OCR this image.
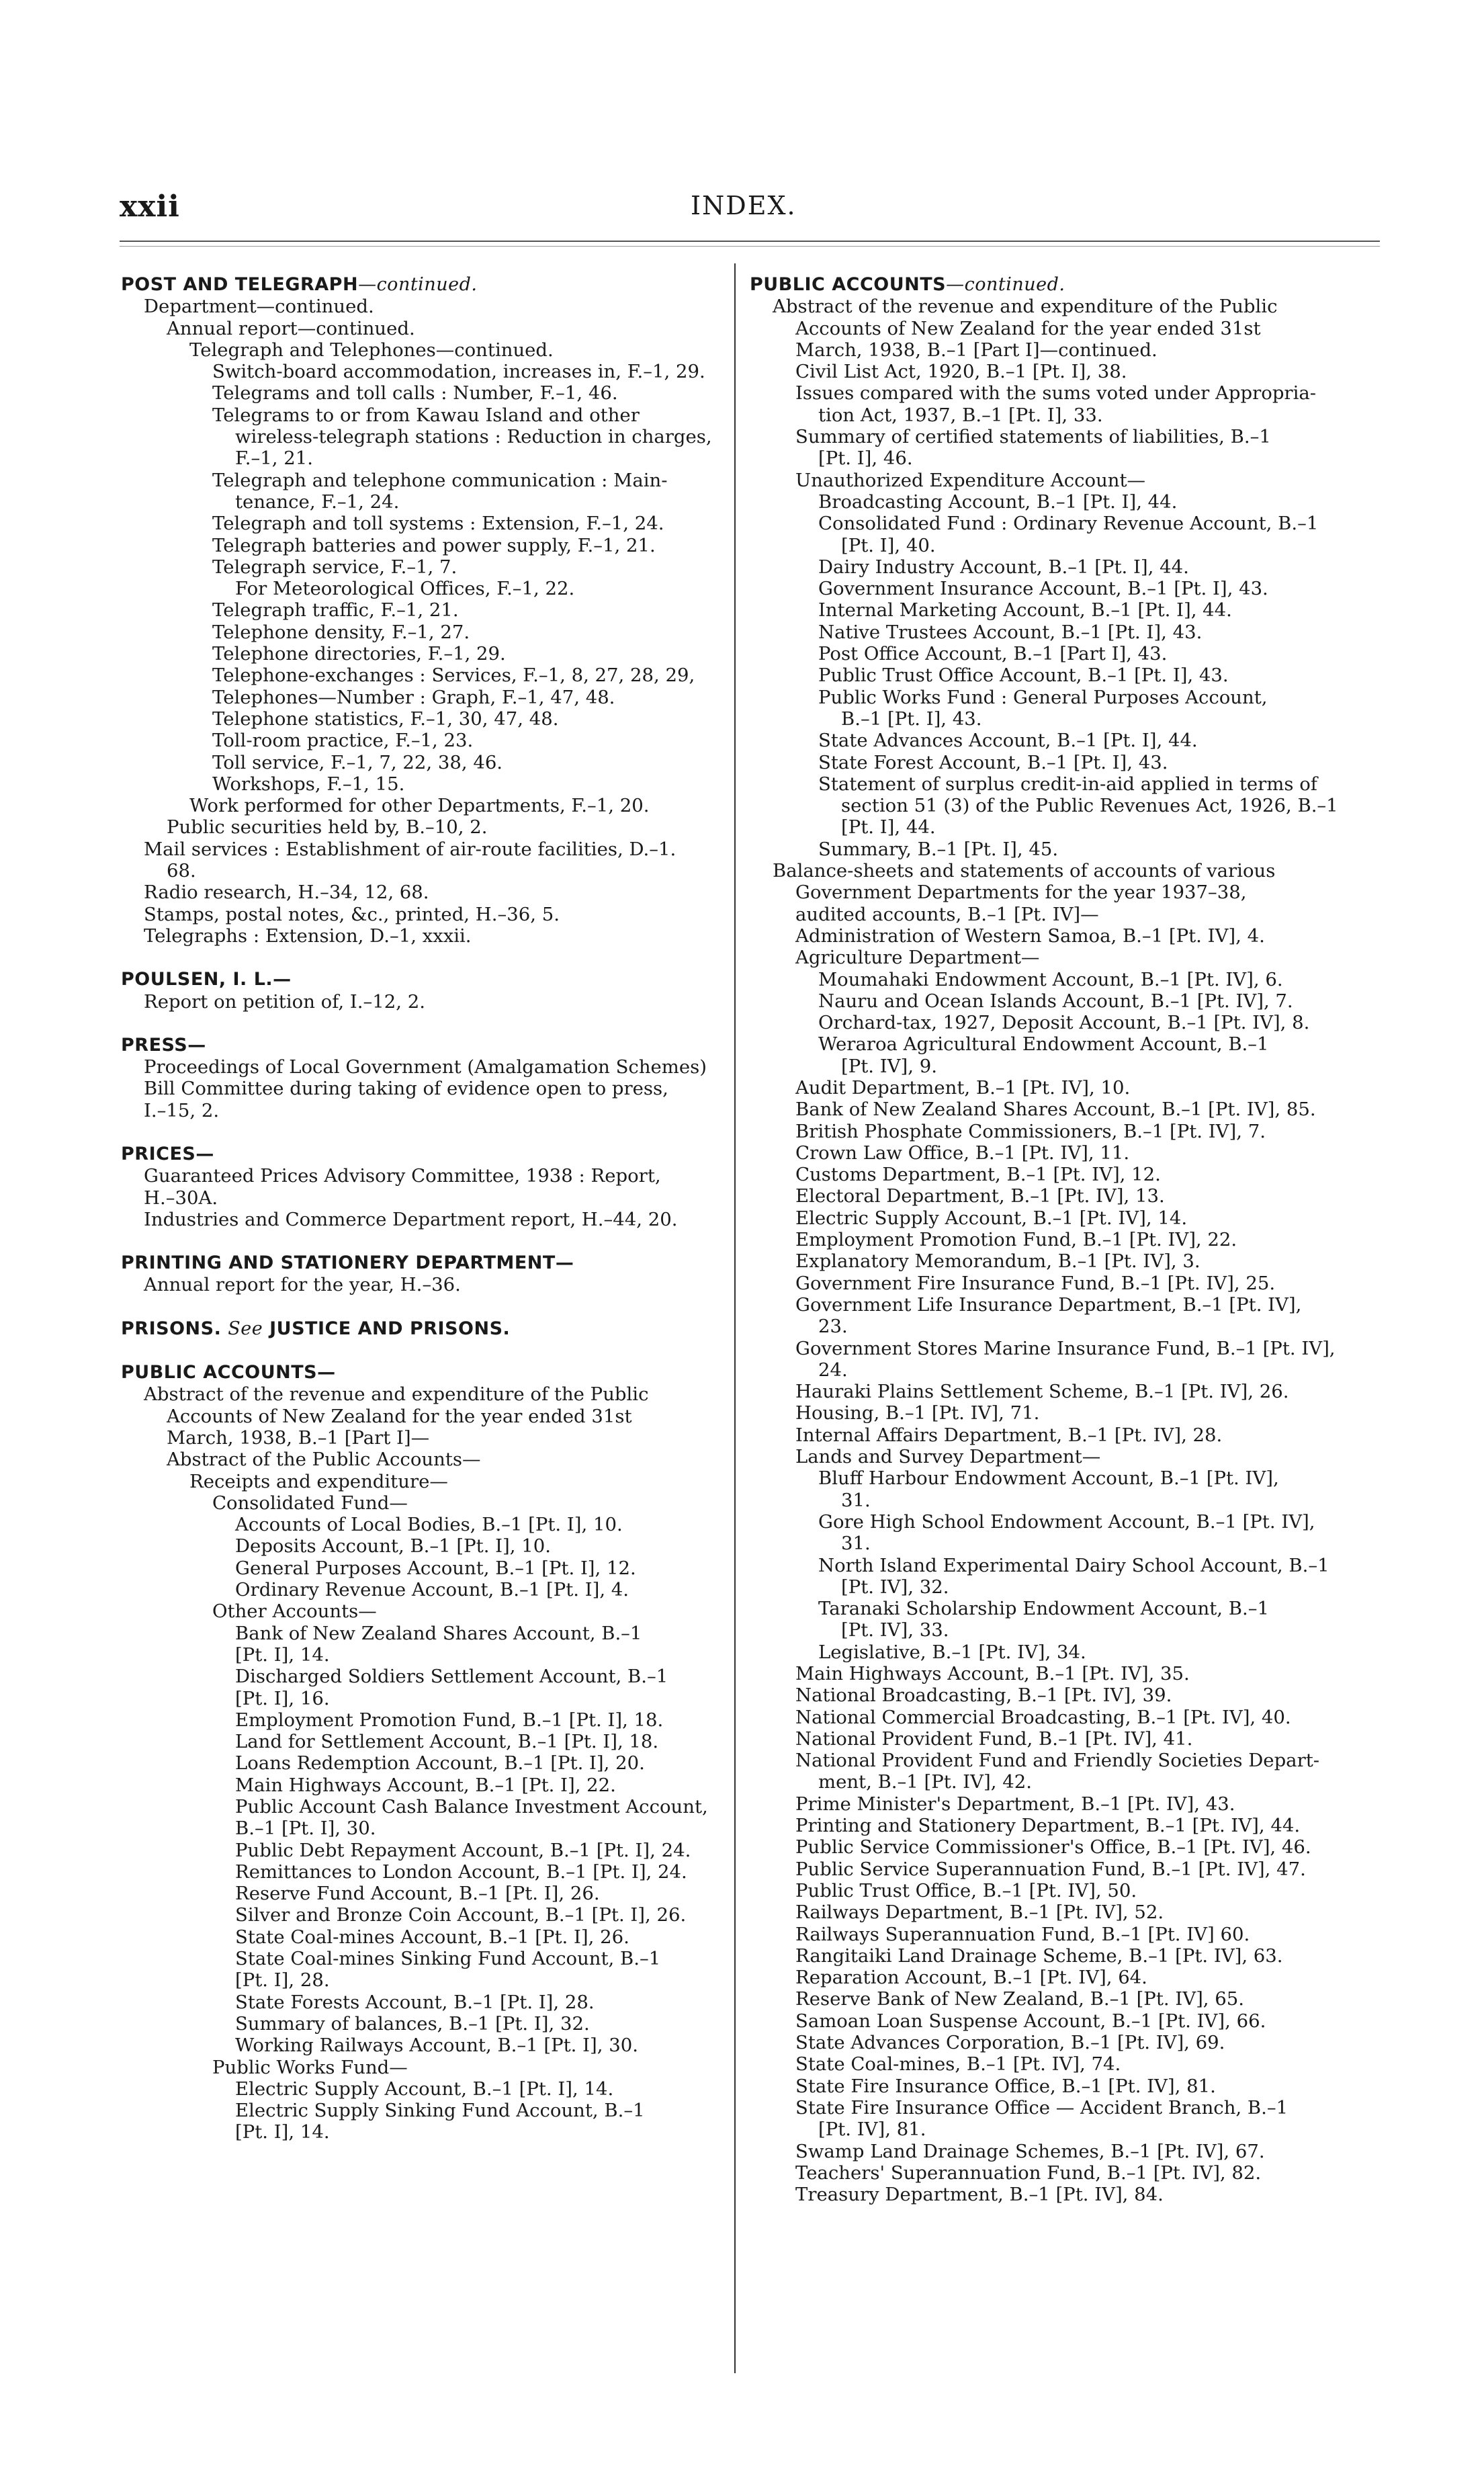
xxii	INDEX.
POST AND TELEGRAPH—continued.
Department—continued.
Annual report—continued.
Telegraph and Telephones—continued.
Switch-board accommodation, increases in, F.–1, 29.
Telegrams and toll calls : Number, F.–1, 46.
Telegrams to or from Kawau Island and other
wireless-telegraph stations : Reduction in charges,
F.–1, 21.
Telegraph and telephone communication : Main-
tenance, F.–1, 24.
Telegraph and toll systems : Extension, F.–1, 24.
Telegraph batteries and power supply, F.–1, 21.
Telegraph service, F.–1, 7.
For Meteorological Offices, F.–1, 22.
Telegraph traffic, F.–1, 21.
Telephone density, F.–1, 27.
Telephone directories, F.–1, 29.
Telephone-exchanges : Services, F.–1, 8, 27, 28, 29,
Telephones—Number : Graph, F.–1, 47, 48.
Telephone statistics, F.–1, 30, 47, 48.
Toll-room practice, F.–1, 23.
Toll service, F.–1, 7, 22, 38, 46.
Workshops, F.–1, 15.
Work performed for other Departments, F.–1, 20.
Public securities held by, B.–10, 2.
Mail services : Establishment of air-route facilities, D.–1.
68.
Radio research, H.–34, 12, 68.
Stamps, postal notes, &c., printed, H.–36, 5.
Telegraphs : Extension, D.–1, xxxii.
POULSEN, I. L.—
Report on petition of, I.–12, 2.
PRESS—
Proceedings of Local Government (Amalgamation Schemes)
Bill Committee during taking of evidence open to press,
I.–15, 2.
PRICES—
Guaranteed Prices Advisory Committee, 1938 : Report,
H.–30A.
Industries and Commerce Department report, H.–44, 20.
PRINTING AND STATIONERY DEPARTMENT—
Annual report for the year, H.–36.
PRISONS. See JUSTICE AND PRISONS.
PUBLIC ACCOUNTS—
Abstract of the revenue and expenditure of the Public
Accounts of New Zealand for the year ended 31st
March, 1938, B.–1 [Part I]—
Abstract of the Public Accounts—
Receipts and expenditure—
Consolidated Fund—
Accounts of Local Bodies, B.–1 [Pt. I], 10.
Deposits Account, B.–1 [Pt. I], 10.
General Purposes Account, B.–1 [Pt. I], 12.
Ordinary Revenue Account, B.–1 [Pt. I], 4.
Other Accounts—
Bank of New Zealand Shares Account, B.–1
[Pt. I], 14.
Discharged Soldiers Settlement Account, B.–1
[Pt. I], 16.
Employment Promotion Fund, B.–1 [Pt. I], 18.
Land for Settlement Account, B.–1 [Pt. I], 18.
Loans Redemption Account, B.–1 [Pt. I], 20.
Main Highways Account, B.–1 [Pt. I], 22.
Public Account Cash Balance Investment Account,
B.–1 [Pt. I], 30.
Public Debt Repayment Account, B.–1 [Pt. I], 24.
Remittances to London Account, B.–1 [Pt. I], 24.
Reserve Fund Account, B.–1 [Pt. I], 26.
Silver and Bronze Coin Account, B.–1 [Pt. I], 26.
State Coal-mines Account, B.–1 [Pt. I], 26.
State Coal-mines Sinking Fund Account, B.–1
[Pt. I], 28.
State Forests Account, B.–1 [Pt. I], 28.
Summary of balances, B.–1 [Pt. I], 32.
Working Railways Account, B.–1 [Pt. I], 30.
Public Works Fund—
Electric Supply Account, B.–1 [Pt. I], 14.
Electric Supply Sinking Fund Account, B.–1
[Pt. I], 14.
PUBLIC ACCOUNTS—continued.
Abstract of the revenue and expenditure of the Public
Accounts of New Zealand for the year ended 31st
March, 1938, B.–1 [Part I]—continued.
Civil List Act, 1920, B.–1 [Pt. I], 38.
Issues compared with the sums voted under Appropria-
tion Act, 1937, B.–1 [Pt. I], 33.
Summary of certified statements of liabilities, B.–1
[Pt. I], 46.
Unauthorized Expenditure Account—
Broadcasting Account, B.–1 [Pt. I], 44.
Consolidated Fund : Ordinary Revenue Account, B.–1
[Pt. I], 40.
Dairy Industry Account, B.–1 [Pt. I], 44.
Government Insurance Account, B.–1 [Pt. I], 43.
Internal Marketing Account, B.–1 [Pt. I], 44.
Native Trustees Account, B.–1 [Pt. I], 43.
Post Office Account, B.–1 [Part I], 43.
Public Trust Office Account, B.–1 [Pt. I], 43.
Public Works Fund : General Purposes Account,
B.–1 [Pt. I], 43.
State Advances Account, B.–1 [Pt. I], 44.
State Forest Account, B.–1 [Pt. I], 43.
Statement of surplus credit-in-aid applied in terms of
section 51 (3) of the Public Revenues Act, 1926, B.–1
[Pt. I], 44.
Summary, B.–1 [Pt. I], 45.
Balance-sheets and statements of accounts of various
Government Departments for the year 1937–38,
audited accounts, B.–1 [Pt. IV]—
Administration of Western Samoa, B.–1 [Pt. IV], 4.
Agriculture Department—
Moumahaki Endowment Account, B.–1 [Pt. IV], 6.
Nauru and Ocean Islands Account, B.–1 [Pt. IV], 7.
Orchard-tax, 1927, Deposit Account, B.–1 [Pt. IV], 8.
Weraroa Agricultural Endowment Account, B.–1
[Pt. IV], 9.
Audit Department, B.–1 [Pt. IV], 10.
Bank of New Zealand Shares Account, B.–1 [Pt. IV], 85.
British Phosphate Commissioners, B.–1 [Pt. IV], 7.
Crown Law Office, B.–1 [Pt. IV], 11.
Customs Department, B.–1 [Pt. IV], 12.
Electoral Department, B.–1 [Pt. IV], 13.
Electric Supply Account, B.–1 [Pt. IV], 14.
Employment Promotion Fund, B.–1 [Pt. IV], 22.
Explanatory Memorandum, B.–1 [Pt. IV], 3.
Government Fire Insurance Fund, B.–1 [Pt. IV], 25.
Government Life Insurance Department, B.–1 [Pt. IV],
23.
Government Stores Marine Insurance Fund, B.–1 [Pt. IV],
24.
Hauraki Plains Settlement Scheme, B.–1 [Pt. IV], 26.
Housing, B.–1 [Pt. IV], 71.
Internal Affairs Department, B.–1 [Pt. IV], 28.
Lands and Survey Department—
Bluff Harbour Endowment Account, B.–1 [Pt. IV],
31.
Gore High School Endowment Account, B.–1 [Pt. IV],
31.
North Island Experimental Dairy School Account, B.–1
[Pt. IV], 32.
Taranaki Scholarship Endowment Account, B.–1
[Pt. IV], 33.
Legislative, B.–1 [Pt. IV], 34.
Main Highways Account, B.–1 [Pt. IV], 35.
National Broadcasting, B.–1 [Pt. IV], 39.
National Commercial Broadcasting, B.–1 [Pt. IV], 40.
National Provident Fund, B.–1 [Pt. IV], 41.
National Provident Fund and Friendly Societies Depart-
ment, B.–1 [Pt. IV], 42.
Prime Minister's Department, B.–1 [Pt. IV], 43.
Printing and Stationery Department, B.–1 [Pt. IV], 44.
Public Service Commissioner's Office, B.–1 [Pt. IV], 46.
Public Service Superannuation Fund, B.–1 [Pt. IV], 47.
Public Trust Office, B.–1 [Pt. IV], 50.
Railways Department, B.–1 [Pt. IV], 52.
Railways Superannuation Fund, B.–1 [Pt. IV] 60.
Rangitaiki Land Drainage Scheme, B.–1 [Pt. IV], 63.
Reparation Account, B.–1 [Pt. IV], 64.
Reserve Bank of New Zealand, B.–1 [Pt. IV], 65.
Samoan Loan Suspense Account, B.–1 [Pt. IV], 66.
State Advances Corporation, B.–1 [Pt. IV], 69.
State Coal-mines, B.–1 [Pt. IV], 74.
State Fire Insurance Office, B.–1 [Pt. IV], 81.
State Fire Insurance Office — Accident Branch, B.–1
[Pt. IV], 81.
Swamp Land Drainage Schemes, B.–1 [Pt. IV], 67.
Teachers' Superannuation Fund, B.–1 [Pt. IV], 82.
Treasury Department, B.–1 [Pt. IV], 84.
